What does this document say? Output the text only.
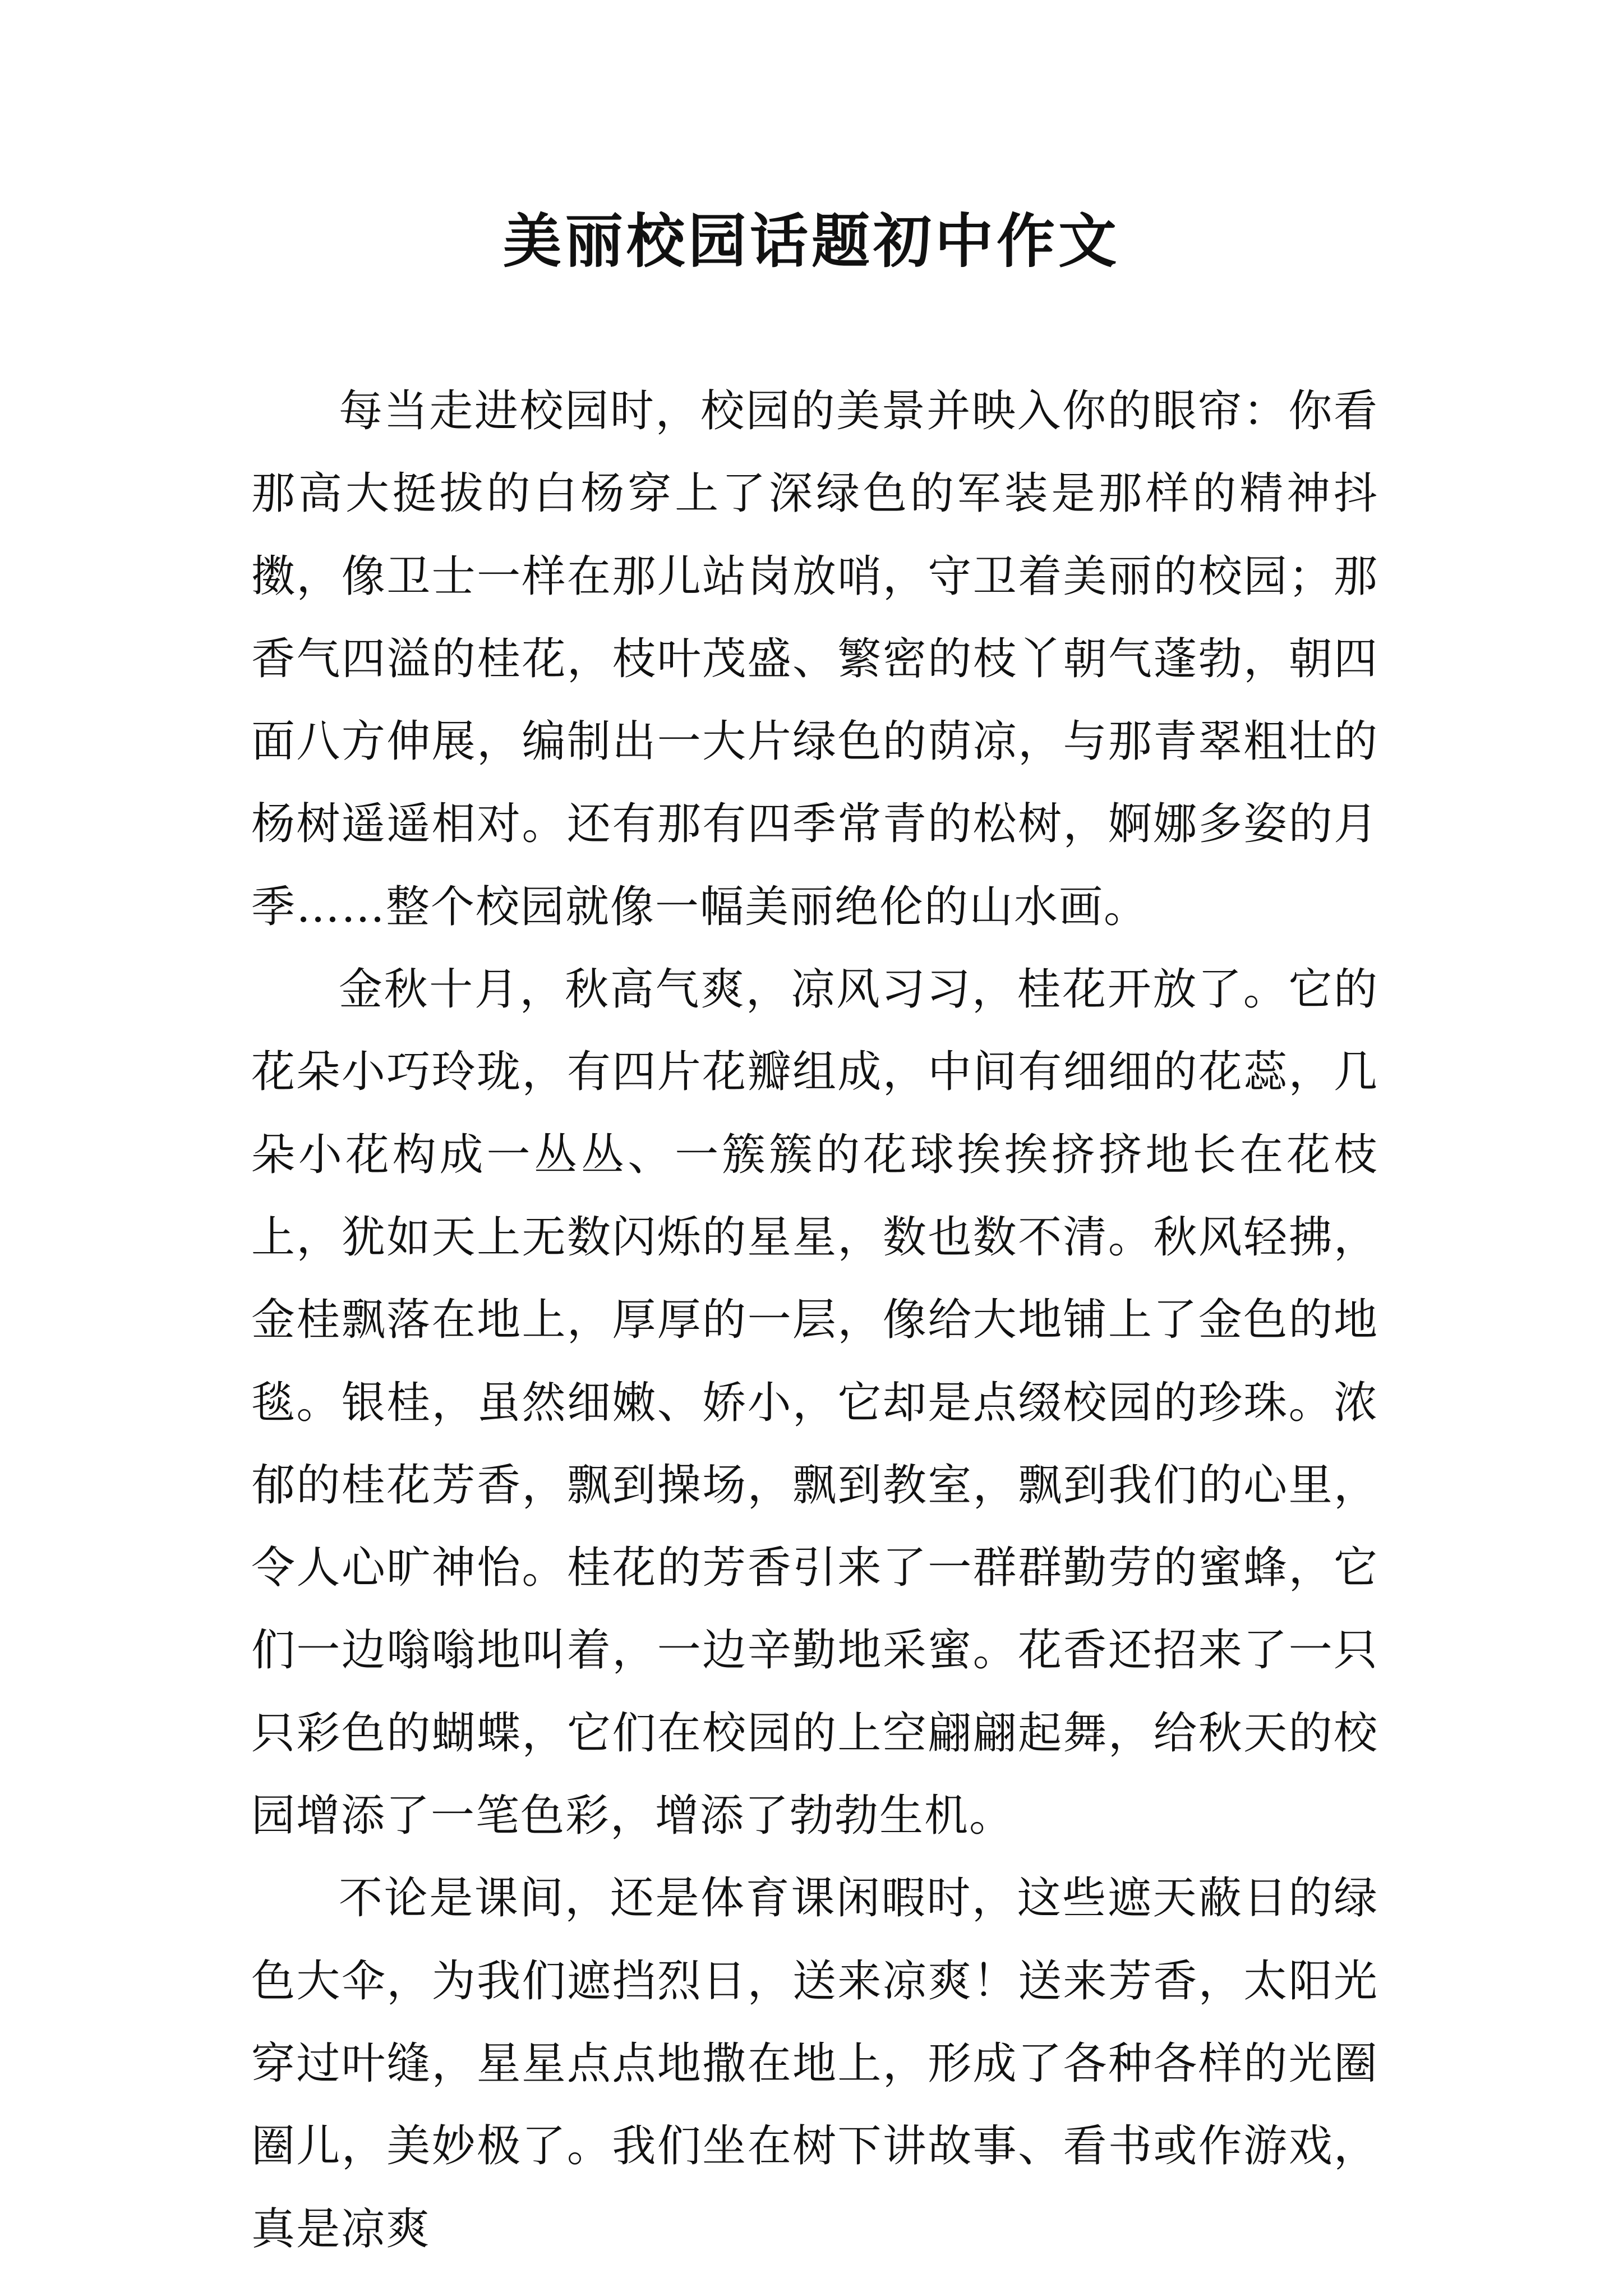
美丽校园话题初中作文

每当走进校园时，校园的美景并映入你的眼帘：你看那高大挺拔的白杨穿上了深绿色的军装是那样的精神抖擞，像卫士一样在那儿站岗放哨，守卫着美丽的校园；那香气四溢的桂花，枝叶茂盛、繁密的枝丫朝气蓬勃，朝四面八方伸展，编制出一大片绿色的荫凉，与那青翠粗壮的杨树遥遥相对。还有那有四季常青的松树，婀娜多姿的月季……整个校园就像一幅美丽绝伦的山水画。

金秋十月，秋高气爽，凉风习习，桂花开放了。它的花朵小巧玲珑，有四片花瓣组成，中间有细细的花蕊，几朵小花构成一丛丛、一簇簇的花球挨挨挤挤地长在花枝上，犹如天上无数闪烁的星星，数也数不清。秋风轻拂，金桂飘落在地上，厚厚的一层，像给大地铺上了金色的地毯。银桂，虽然细嫩、娇小，它却是点缀校园的珍珠。浓郁的桂花芳香，飘到操场，飘到教室，飘到我们的心里，令人心旷神怡。桂花的芳香引来了一群群勤劳的蜜蜂，它们一边嗡嗡地叫着，一边辛勤地采蜜。花香还招来了一只只彩色的蝴蝶，它们在校园的上空翩翩起舞，给秋天的校园增添了一笔色彩，增添了勃勃生机。

不论是课间，还是体育课闲暇时，这些遮天蔽日的绿色大伞，为我们遮挡烈日，送来凉爽！送来芳香，太阳光穿过叶缝，星星点点地撒在地上，形成了各种各样的光圈圈儿，美妙极了。我们坐在树下讲故事、看书或作游戏，真是凉爽
